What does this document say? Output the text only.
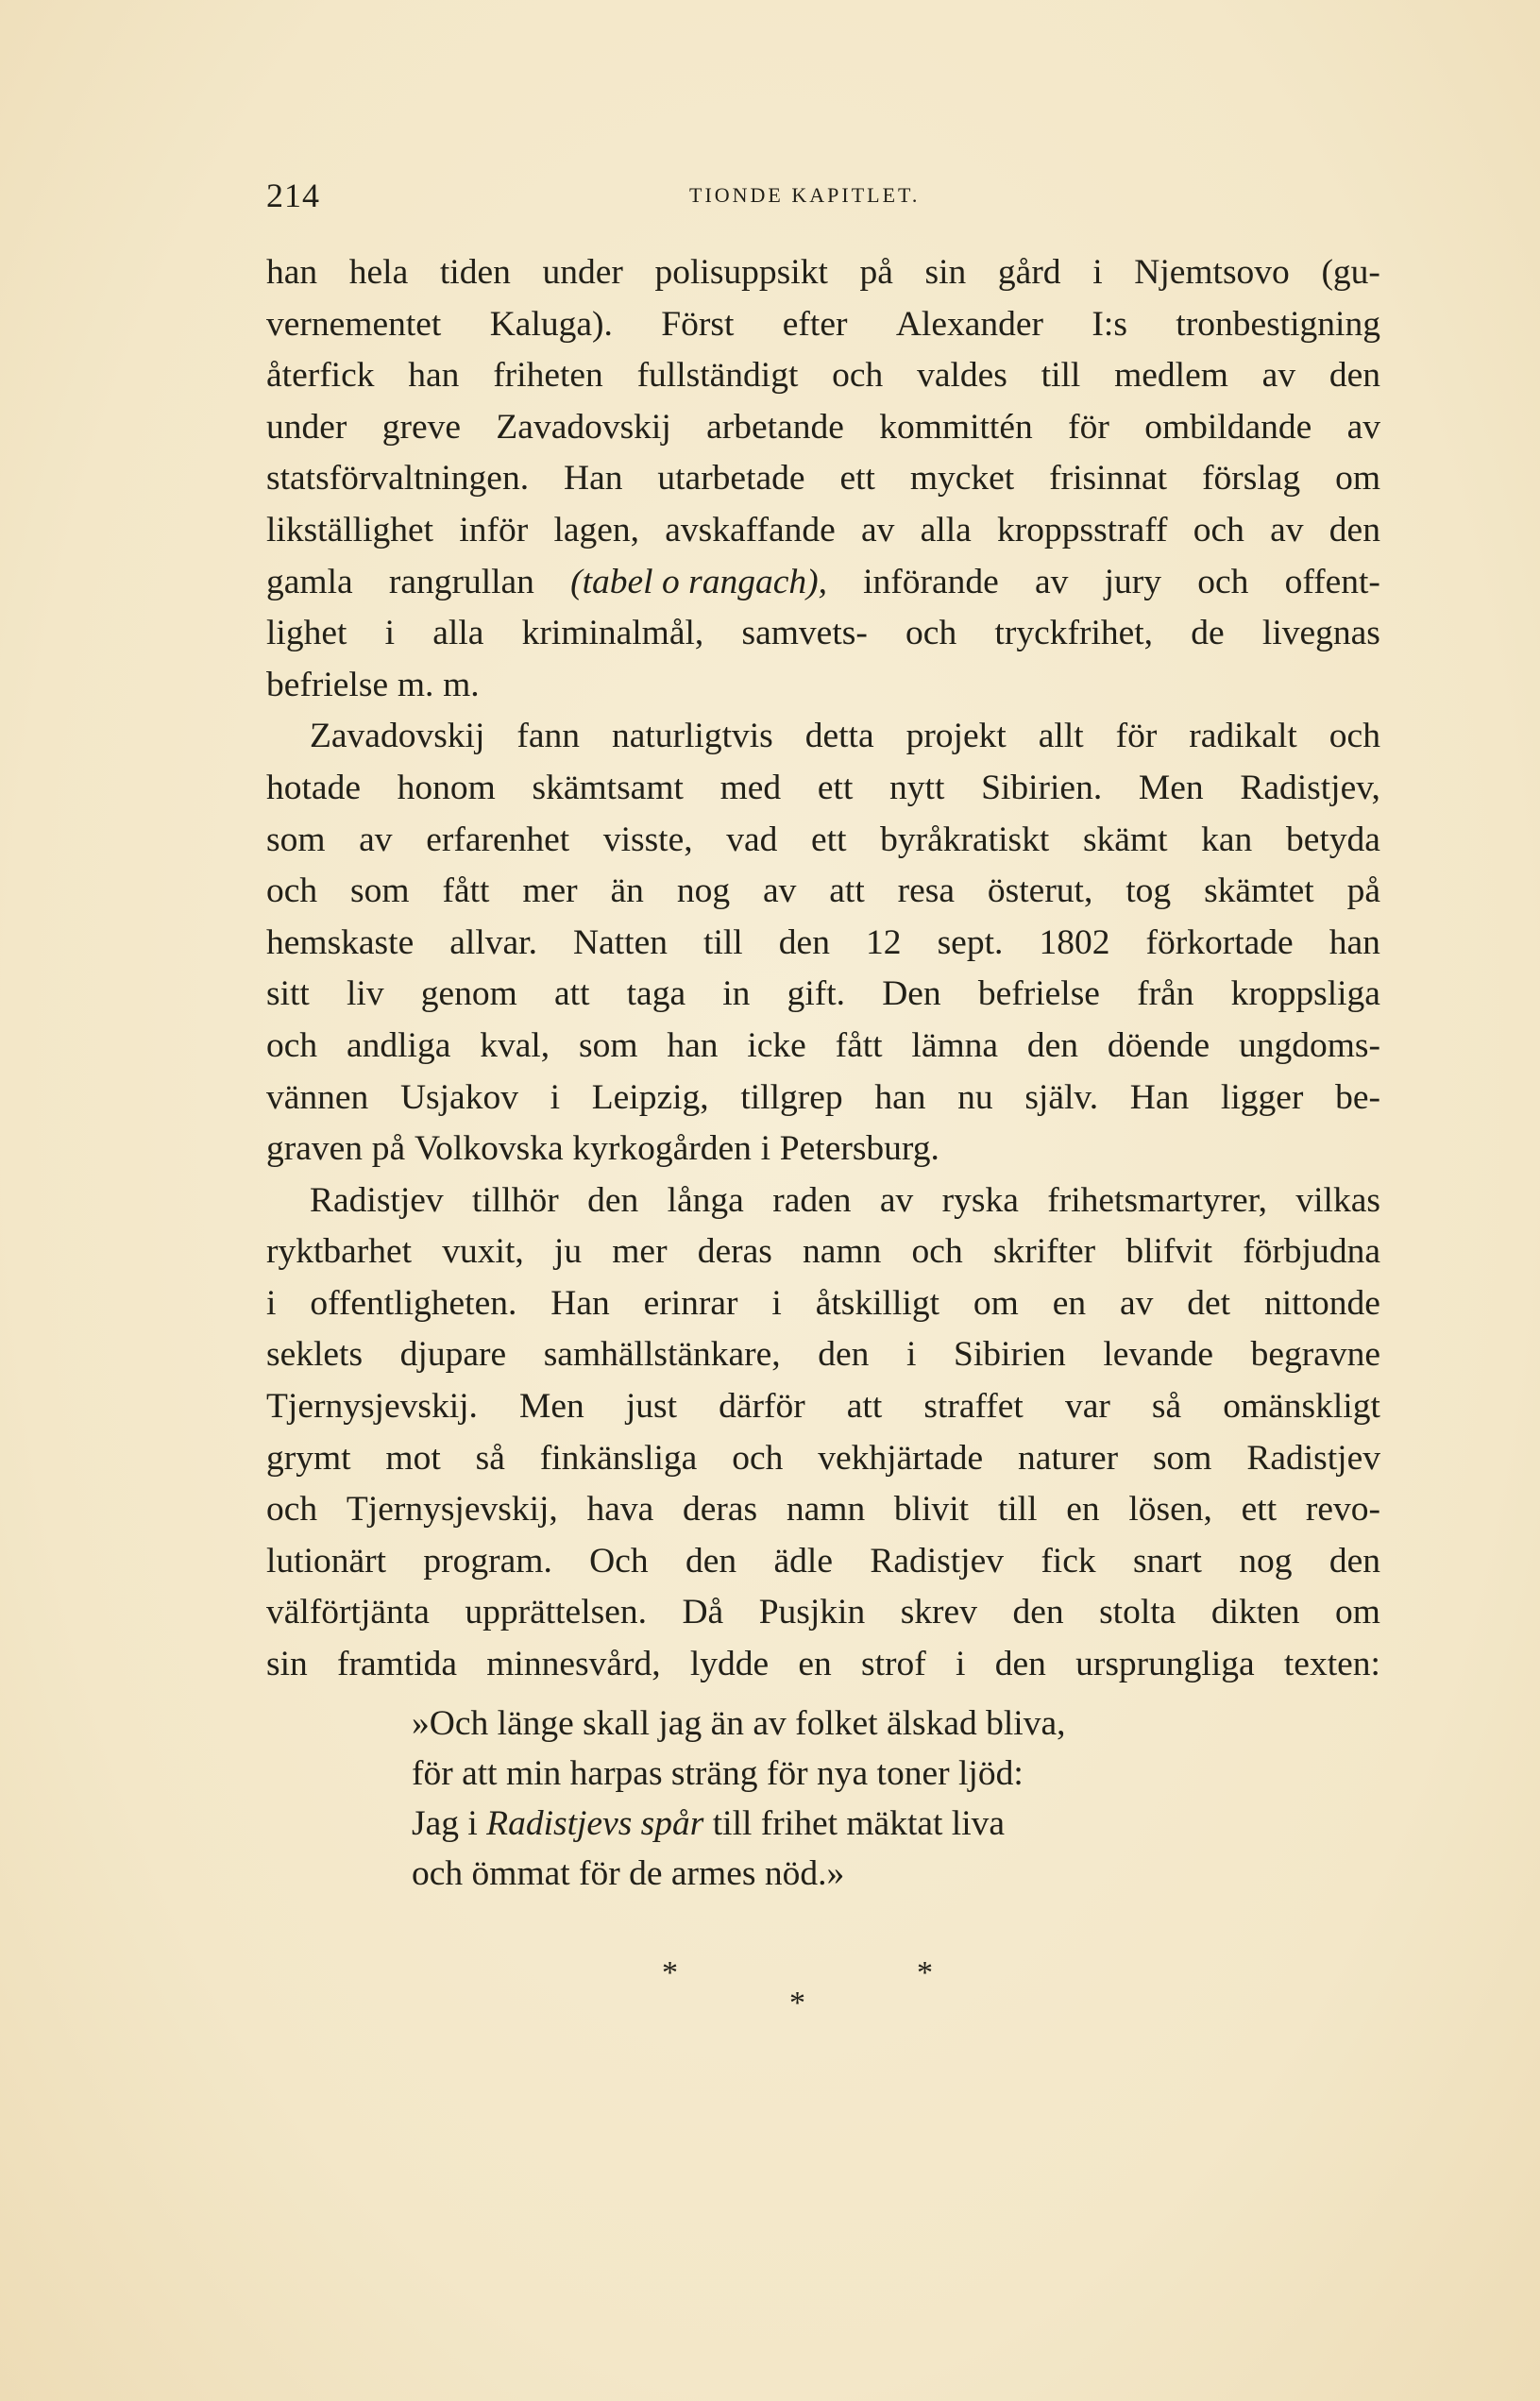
214	TIONDE KAPITLET.
han hela tiden under polisuppsikt på sin gård i Njemtsovo (gu-
vernementet Kaluga). Först efter Alexander I:s tronbestigning
återfick han friheten fullständigt och valdes till medlem av den
under greve Zavadovskij arbetande kommittén för ombildande av
statsförvaltningen. Han utarbetade ett mycket frisinnat förslag om
likställighet inför lagen, avskaffande av alla kroppsstraff och av den
gamla rangrullan (tabel o rangach), införande av jury och offent-
lighet i alla kriminalmål, samvets- och tryckfrihet, de livegnas
befrielse m. m.
Zavadovskij fann naturligtvis detta projekt allt för radikalt och
hotade honom skämtsamt med ett nytt Sibirien. Men Radistjev,
som av erfarenhet visste, vad ett byråkratiskt skämt kan betyda
och som fått mer än nog av att resa österut, tog skämtet på
hemskaste allvar. Natten till den 12 sept. 1802 förkortade han
sitt liv genom att taga in gift. Den befrielse från kroppsliga
och andliga kval, som han icke fått lämna den döende ungdoms-
vännen Usjakov i Leipzig, tillgrep han nu själv. Han ligger be-
graven på Volkovska kyrkogården i Petersburg.
Radistjev tillhör den långa raden av ryska frihetsmartyrer, vilkas
ryktbarhet vuxit, ju mer deras namn och skrifter blifvit förbjudna
i offentligheten. Han erinrar i åtskilligt om en av det nittonde
seklets djupare samhällstänkare, den i Sibirien levande begravne
Tjernysjevskij. Men just därför att straffet var så omänskligt
grymt mot så finkänsliga och vekhjärtade naturer som Radistjev
och Tjernysjevskij, hava deras namn blivit till en lösen, ett revo-
lutionärt program. Och den ädle Radistjev fick snart nog den
välförtjänta upprättelsen. Då Pusjkin skrev den stolta dikten om
sin framtida minnesvård, lydde en strof i den ursprungliga texten:
»Och länge skall jag än av folket älskad bliva,
för att min harpas sträng för nya toner ljöd:
Jag i Radistjevs spår till frihet mäktat liva
och ömmat för de armes nöd.»
*	*
*
